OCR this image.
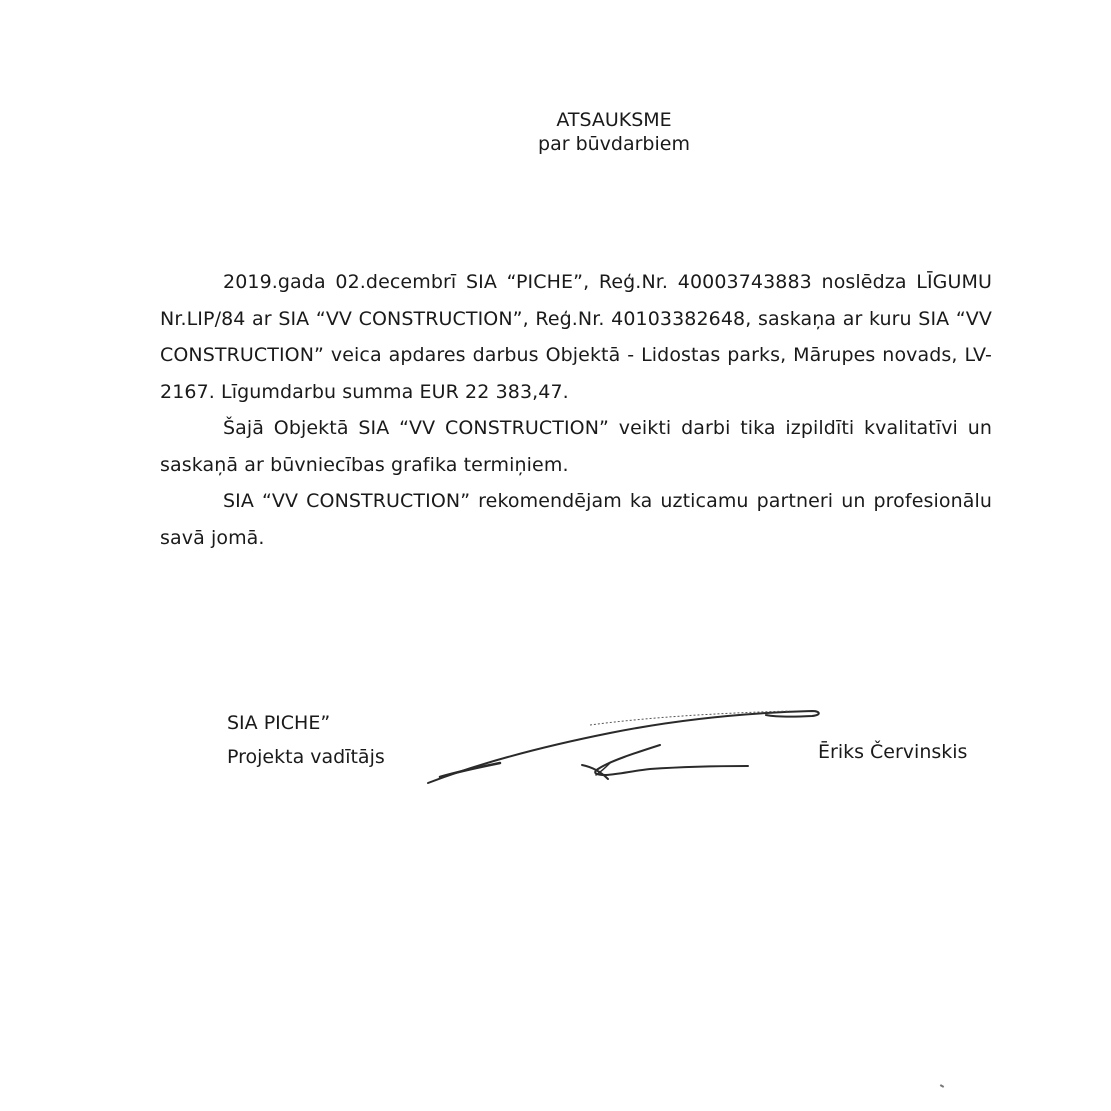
ATSAUKSME
par būvdarbiem

2019.gada 02.decembrī SIA “PICHE”, Reģ.Nr. 40003743883 noslēdza LĪGUMU Nr.LIP/84 ar SIA “VV CONSTRUCTION”, Reģ.Nr. 40103382648, saskaņa ar kuru SIA “VV CONSTRUCTION” veica apdares darbus Objektā - Lidostas parks, Mārupes novads, LV-2167. Līgumdarbu summa EUR 22 383,47.

Šajā Objektā SIA “VV CONSTRUCTION” veikti darbi tika izpildīti kvalitatīvi un saskaņā ar būvniecības grafika termiņiem.

SIA “VV CONSTRUCTION” rekomendējam ka uzticamu partneri un profesionālu savā jomā.

SIA PICHE”
Projekta vadītājs	Ēriks Červinskis
